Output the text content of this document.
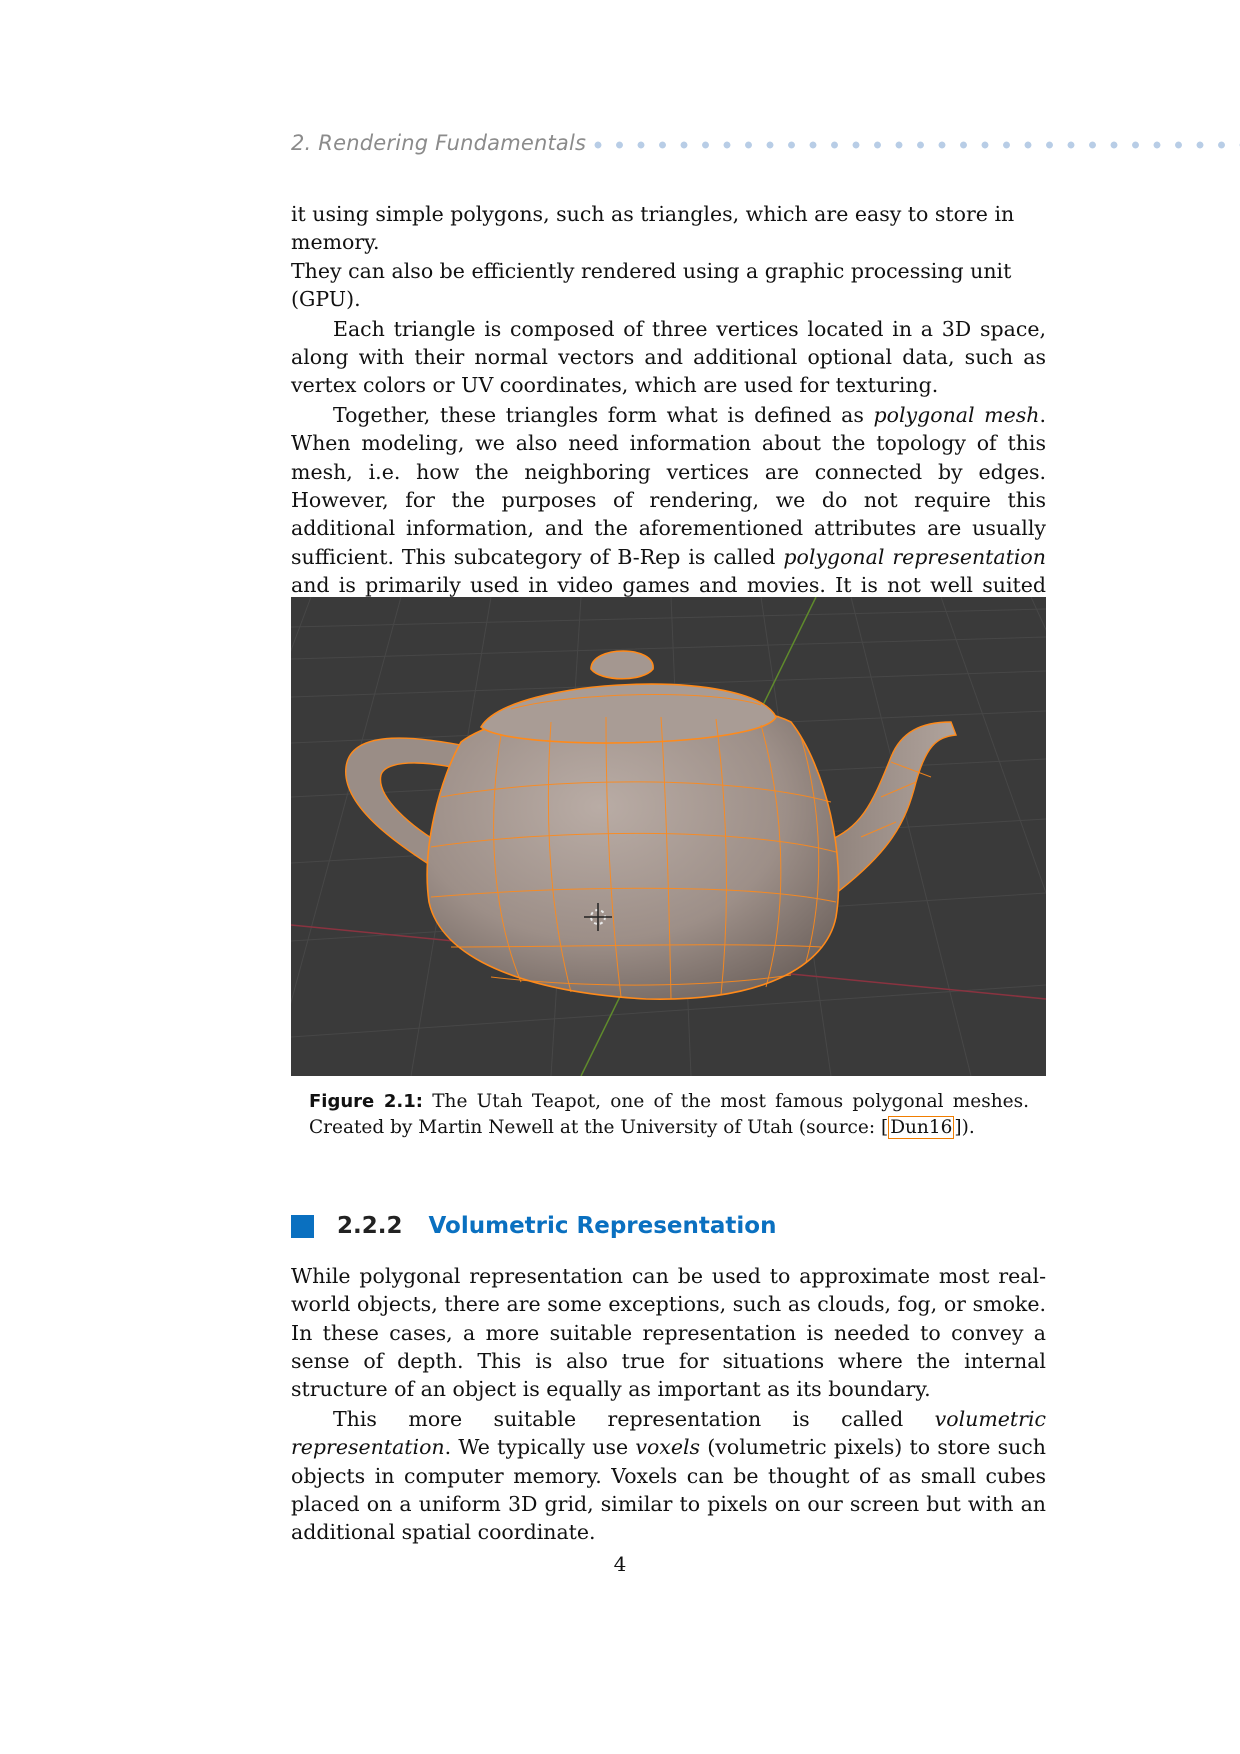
2. Rendering Fundamentals

it using simple polygons, such as triangles, which are easy to store in memory.
They can also be efficiently rendered using a graphic processing unit (GPU).

Each triangle is composed of three vertices located in a 3D space, along with their normal vectors and additional optional data, such as vertex colors or UV coordinates, which are used for texturing.

Together, these triangles form what is defined as polygonal mesh. When modeling, we also need information about the topology of this mesh, i.e. how the neighboring vertices are connected by edges. However, for the purposes of rendering, we do not require this additional information, and the aforementioned attributes are usually sufficient. This subcategory of B-Rep is called polygonal representation and is primarily used in video games and movies. It is not well suited

Figure 2.1: The Utah Teapot, one of the most famous polygonal meshes. Created by Martin Newell at the University of Utah (source: [ Dun16 ]).
2.2.2 Volumetric Representation

While polygonal representation can be used to approximate most real-world objects, there are some exceptions, such as clouds, fog, or smoke. In these cases, a more suitable representation is needed to convey a sense of depth. This is also true for situations where the internal structure of an object is equally as important as its boundary.

This more suitable representation is called volumetric representation. We typically use voxels (volumetric pixels) to store such objects in computer memory. Voxels can be thought of as small cubes placed on a uniform 3D grid, similar to pixels on our screen but with an additional spatial coordinate.

4
